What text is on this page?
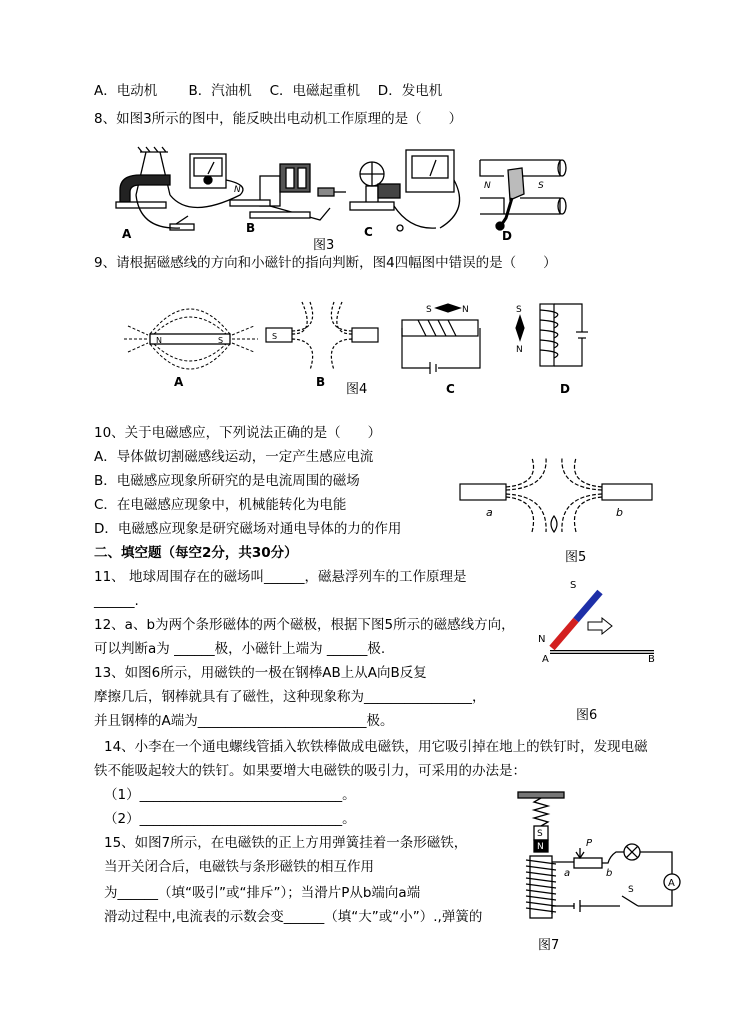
A．电动机　　 B．汽油机　 C．电磁起重机　 D．发电机
8、如图3所示的图中，能反映出电动机工作原理的是（　　）
A
N
B	C
N	S
D
图3
9、请根据磁感线的方向和小磁针的指向判断，图4四幅图中错误的是（　　）
N	S
A
S
B 图4
S	N
C
S
N
D
10、关于电磁感应，下列说法正确的是（　　）
A．导体做切割磁感线运动，一定产生感应电流
B．电磁感应现象所研究的是电流周围的磁场
C．在电磁感应现象中，机械能转化为电能
D．电磁感应现象是研究磁场对通电导体的力的作用
a	b
图5
二、填空题（每空2分，共30分）
11、 地球周围存在的磁场叫______，磁悬浮列车的工作原理是
______.
S
N
A	B
12、a、b为两个条形磁体的两个磁极，根据下图5所示的磁感线方向，
可以判断a为 ______极，小磁针上端为 ______极.
13、如图6所示，用磁铁的一极在钢棒AB上从A向B反复
摩擦几后，钢棒就具有了磁性，这种现象称为________________，
并且钢棒的A端为_________________________极。	图6
14、小李在一个通电螺线管插入软铁棒做成电磁铁，用它吸引掉在地上的铁钉时，发现电磁
铁不能吸起较大的铁钉。如果要增大电磁铁的吸引力，可采用的办法是：
（1）______________________________。
（2）______________________________。
15、如图7所示，在电磁铁的正上方用弹簧挂着一条形磁铁，
当开关闭合后，电磁铁与条形磁铁的相互作用
为______（填“吸引”或“排斥”）；当滑片P从b端向a端
滑动过程中,电流表的示数会变______（填“大”或“小”）.,弹簧的
S
N	P
a	b
S
A
图7
